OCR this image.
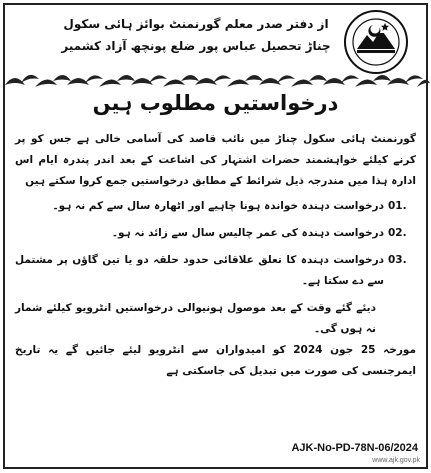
از دفتر صدر معلم گورنمنٹ بوائز ہائی سکول
چناڑ تحصیل عباس پور ضلع پونچھ آزاد کشمیر
درخواستیں مطلوب ہیں

گورنمنٹ ہائی سکول چناڑ میں نائب قاصد کی آسامی خالی ہے جس کو پر کرنے کیلئے خواہشمند حضرات اشتہار کی اشاعت کے بعد اندر پندرہ ایام اس ادارہ ہذا میں مندرجہ ذیل شرائط کے مطابق درخواستیں جمع کروا سکتے ہیں

01.
درخواست دہندہ خواندہ ہونا چاہیے اور اٹھارہ سال سے کم نہ ہو۔
02.
درخواست دہندہ کی عمر چالیس سال سے زائد نہ ہو۔
03.
درخواست دہندہ کا تعلق علاقائی حدود حلقہ دو یا تین گاؤں پر مشتمل سے دے سکتا ہے۔

دیئے گئے وقت کے بعد موصول ہونیوالی درخواستیں انٹرویو کیلئے شمار نہ ہوں گی۔

مورخہ 25 جون 2024 کو امیدواران سے انٹرویو لیئے جائیں گے یہ تاریخ ایمرجنسی کی صورت میں تبدیل کی جاسکتی ہے

AJK-No-PD-78N-06/2024
www.ajk.gov.pk
